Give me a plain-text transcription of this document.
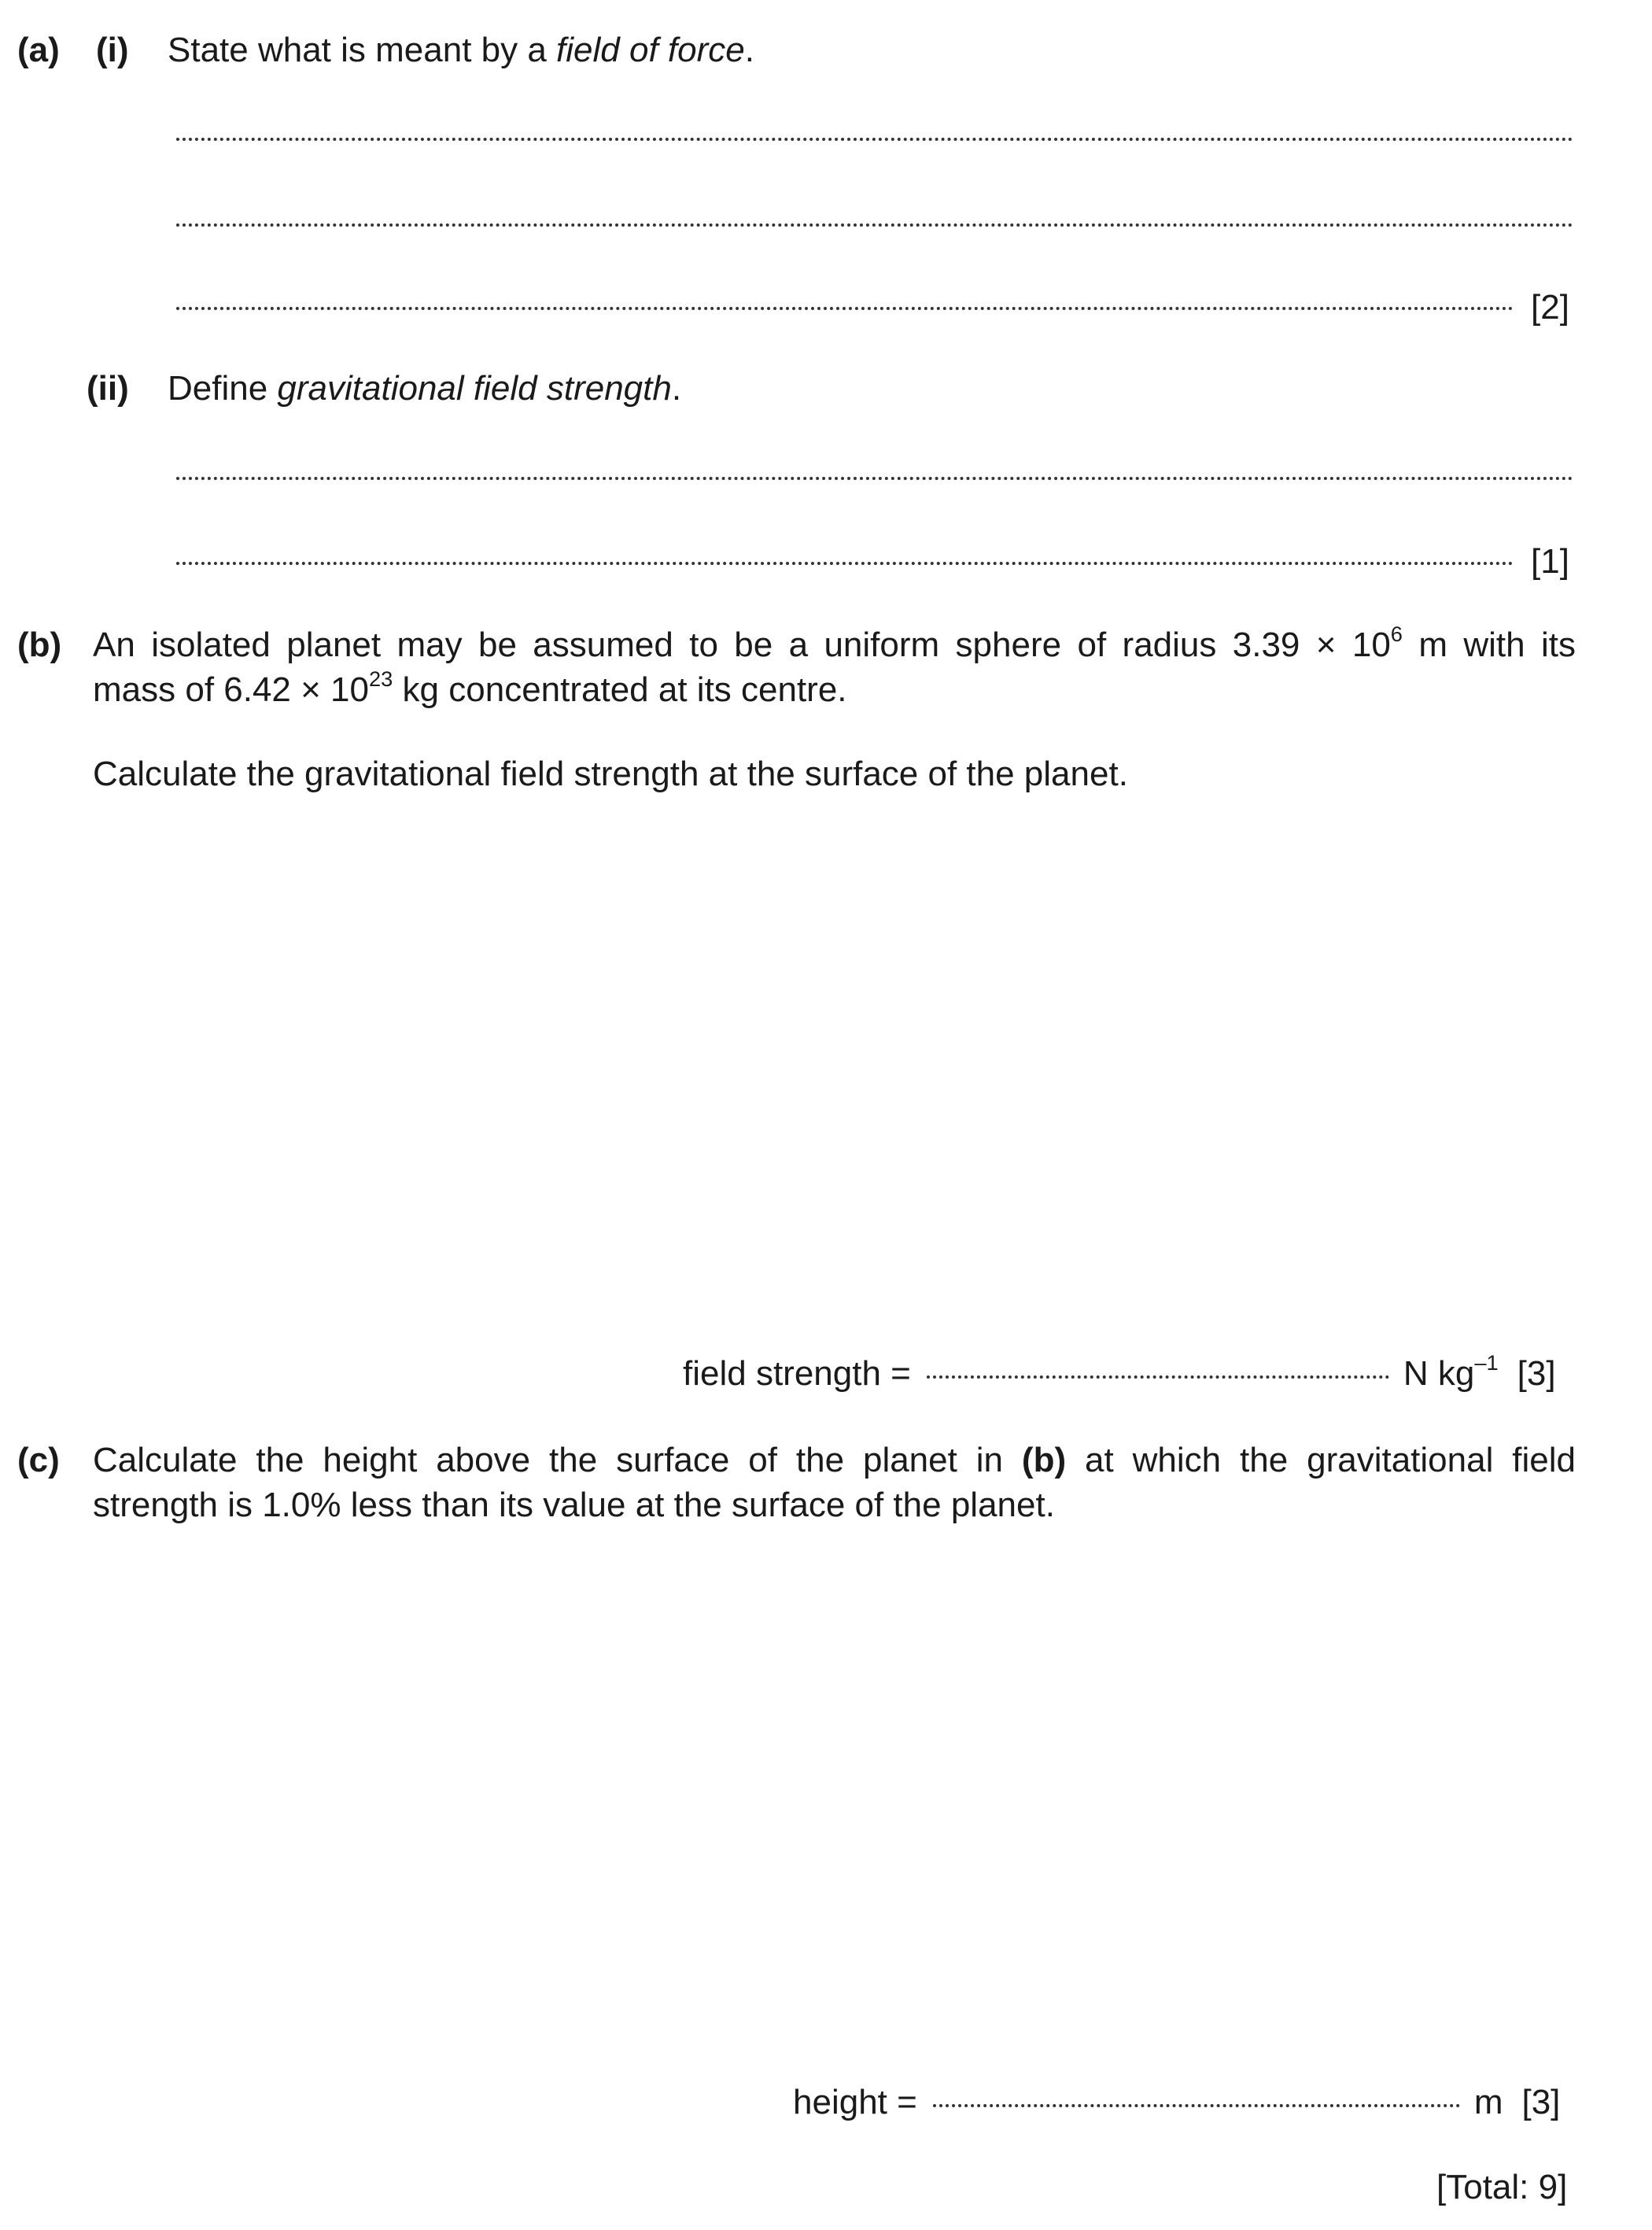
(a) (i) State what is meant by a field of force.
[2]
(ii) Define gravitational field strength.
[1]
(b) An isolated planet may be assumed to be a uniform sphere of radius $3.39 \times 10^6$ m with its

mass of $6.42 \times 10^{23}$ kg concentrated at its centre.

Calculate the gravitational field strength at the surface of the planet.
field strength =	N $kg^{-1}$ [3]
(c) Calculate the height above the surface of the planet in (b) at which the gravitational field

strength is 1.0% less than its value at the surface of the planet.

height =	m [3]
[Total: 9]
